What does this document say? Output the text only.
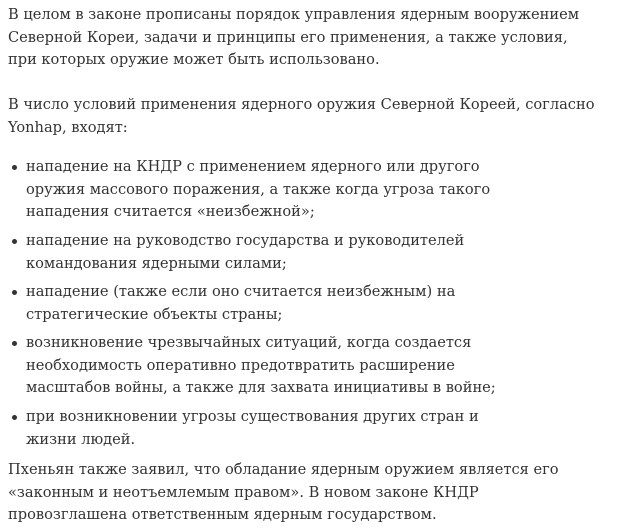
В целом в законе прописаны порядок управления ядерным вооружением Северной Кореи, задачи и принципы его применения, а также условия, при которых оружие может быть использовано.

В число условий применения ядерного оружия Северной Кореей, согласно Yonhap, входят:

нападение на КНДР с применением ядерного или другого оружия массового поражения, а также когда угроза такого нападения считается «неизбежной»;
нападение на руководство государства и руководителей командования ядерными силами;
нападение (также если оно считается неизбежным) на стратегические объекты страны;
возникновение чрезвычайных ситуаций, когда создается необходимость оперативно предотвратить расширение масштабов войны, а также для захвата инициативы в войне;
при возникновении угрозы существования других стран и жизни людей.

Пхеньян также заявил, что обладание ядерным оружием является его «законным и неотъемлемым правом». В новом законе КНДР провозглашена ответственным ядерным государством.
